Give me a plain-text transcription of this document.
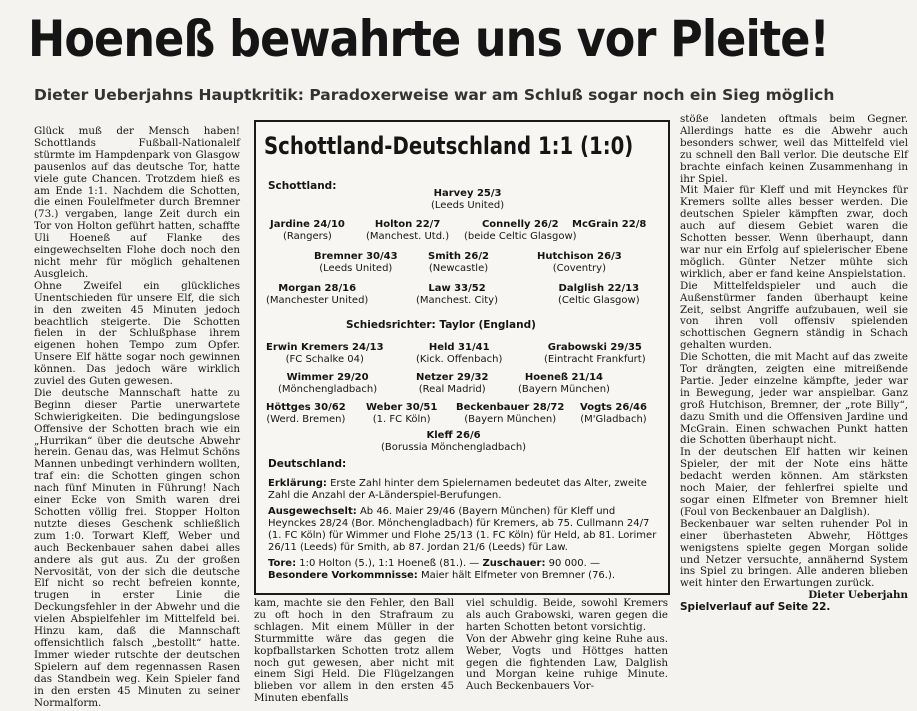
Hoeneß bewahrte uns vor Pleite!
Dieter Ueberjahns Hauptkritik: Paradoxerweise war am Schluß sogar noch ein Sieg möglich

Glück muß der Mensch haben! Schottlands Fußball-Nationalelf stürmte im Hampdenpark von Glasgow pausenlos auf das deutsche Tor, hatte viele gute Chancen. Trotzdem hieß es am Ende 1:1. Nachdem die Schotten, die einen Foulelfmeter durch Bremner (73.) vergaben, lange Zeit durch ein Tor von Holton geführt hatten, schaffte Uli Hoeneß auf Flanke des eingewechselten Flohe doch noch den nicht mehr für möglich gehaltenen Ausgleich.

Ohne Zweifel ein glückliches Unentschieden für unsere Elf, die sich in den zweiten 45 Minuten jedoch beachtlich steigerte. Die Schotten fielen in der Schlußphase ihrem eigenen hohen Tempo zum Opfer. Unsere Elf hätte sogar noch gewinnen können. Das jedoch wäre wirklich zuviel des Guten gewesen.

Die deutsche Mannschaft hatte zu Beginn dieser Partie unerwartete Schwierigkeiten. Die bedingungslose Offensive der Schotten brach wie ein „Hurrikan“ über die deutsche Abwehr herein. Genau das, was Helmut Schöns Mannen unbedingt verhindern wollten, traf ein: die Schotten gingen schon nach fünf Minuten in Führung! Nach einer Ecke von Smith waren drei Schotten völlig frei. Stopper Holton nutzte dieses Geschenk schließlich zum 1:0. Torwart Kleff, Weber und auch Beckenbauer sahen dabei alles andere als gut aus. Zu der großen Nervosität, von der sich die deutsche Elf nicht so recht befreien konnte, trugen in erster Linie die Deckungsfehler in der Abwehr und die vielen Abspielfehler im Mittelfeld bei. Hinzu kam, daß die Mannschaft offensichtlich falsch „bestollt“ hatte. Immer wieder rutschte der deutschen Spielern auf dem regennassen Rasen das Standbein weg. Kein Spieler fand in den ersten 45 Minuten zu seiner Normalform.

Schottland-Deutschland 1:1 (1:0)
Schottland:
Harvey 25/3
(Leeds United)
Jardine 24/10
(Rangers)
Holton 22/7
(Manchest. Utd.)
Connelly 26/2
(beide Celtic Glasgow)
McGrain 22/8
Bremner 30/43
(Leeds United)
Smith 26/2
(Newcastle)
Hutchison 26/3
(Coventry)
Morgan 28/16
(Manchester United)
Law 33/52
(Manchest. City)
Dalglish 22/13
(Celtic Glasgow)
Schiedsrichter: Taylor (England)
Erwin Kremers 24/13
(FC Schalke 04)
Held 31/41
(Kick. Offenbach)
Grabowski 29/35
(Eintracht Frankfurt)
Wimmer 29/20
(Mönchengladbach)
Netzer 29/32
(Real Madrid)
Hoeneß 21/14
(Bayern München)
Höttges 30/62
(Werd. Bremen)
Weber 30/51
(1. FC Köln)
Beckenbauer 28/72
(Bayern München)
Vogts 26/46
(M'Gladbach)
Kleff 26/6
(Borussia Mönchengladbach)
Deutschland:
Erklärung: Erste Zahl hinter dem Spielernamen bedeutet das Alter, zweite Zahl die Anzahl der A-Länderspiel-Berufungen.
Ausgewechselt: Ab 46. Maier 29/46 (Bayern München) für Kleff und Heynckes 28/24 (Bor. Mönchengladbach) für Kremers, ab 75. Cullmann 24/7 (1. FC Köln) für Wimmer und Flohe 25/13 (1. FC Köln) für Held, ab 81. Lorimer 26/11 (Leeds) für Smith, ab 87. Jordan 21/6 (Leeds) für Law.
Tore: 1:0 Holton (5.), 1:1 Hoeneß (81.). — Zuschauer: 90 000. — Besondere Vorkommnisse: Maier hält Elfmeter von Bremner (76.).

kam, machte sie den Fehler, den Ball zu oft hoch in den Strafraum zu schlagen. Mit einem Müller in der Sturmmitte wäre das gegen die kopfballstarken Schotten trotz allem noch gut gewesen, aber nicht mit einem Sigi Held. Die Flügelzangen blieben vor allem in den ersten 45 Minuten ebenfalls

viel schuldig. Beide, sowohl Kremers als auch Grabowski, waren gegen die harten Schotten betont vorsichtig.

Von der Abwehr ging keine Ruhe aus. Weber, Vogts und Höttges hatten gegen die fightenden Law, Dalglish und Morgan keine ruhige Minute. Auch Beckenbauers Vor-

stöße landeten oftmals beim Gegner. Allerdings hatte es die Abwehr auch besonders schwer, weil das Mittelfeld viel zu schnell den Ball verlor. Die deutsche Elf brachte einfach keinen Zusammenhang in ihr Spiel.

Mit Maier für Kleff und mit Heynckes für Kremers sollte alles besser werden. Die deutschen Spieler kämpften zwar, doch auch auf diesem Gebiet waren die Schotten besser. Wenn überhaupt, dann war nur ein Erfolg auf spielerischer Ebene möglich. Günter Netzer mühte sich wirklich, aber er fand keine Anspielstation.

Die Mittelfeldspieler und auch die Außenstürmer fanden überhaupt keine Zeit, selbst Angriffe aufzubauen, weil sie von ihren voll offensiv spielenden schottischen Gegnern ständig in Schach gehalten wurden.

Die Schotten, die mit Macht auf das zweite Tor drängten, zeigten eine mitreißende Partie. Jeder einzelne kämpfte, jeder war in Bewegung, jeder war anspielbar. Ganz groß Hutchison, Bremner, der „rote Billy“, dazu Smith und die Offensiven Jardine und McGrain. Einen schwachen Punkt hatten die Schotten überhaupt nicht.

In der deutschen Elf hatten wir keinen Spieler, der mit der Note eins hätte bedacht werden können. Am stärksten noch Maier, der fehlerfrei spielte und sogar einen Elfmeter von Bremner hielt (Foul von Beckenbauer an Dalglish).

Beckenbauer war selten ruhender Pol in einer überhasteten Abwehr, Höttges wenigstens spielte gegen Morgan solide und Netzer versuchte, annähernd System ins Spiel zu bringen. Alle anderen blieben weit hinter den Erwartungen zurück.

Dieter Ueberjahn

Spielverlauf auf Seite 22.
